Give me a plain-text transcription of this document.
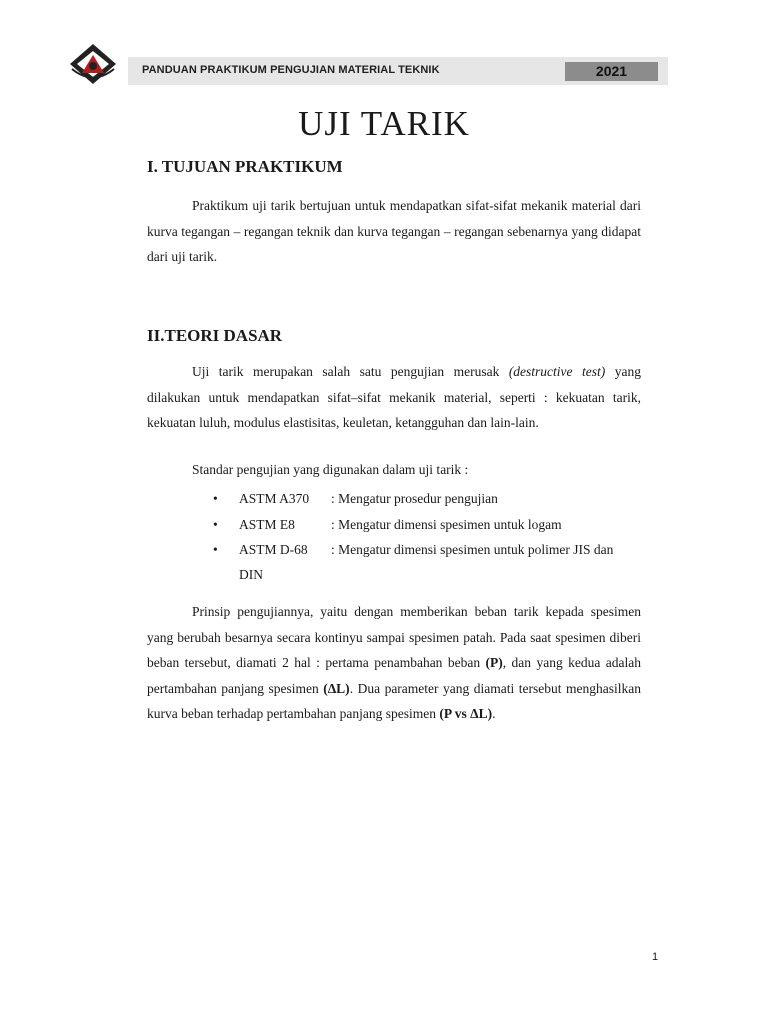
PANDUAN PRAKTIKUM PENGUJIAN MATERIAL TEKNIK	2021
UJI TARIK
I. TUJUAN PRAKTIKUM

Praktikum uji tarik bertujuan untuk mendapatkan sifat-sifat mekanik material dari kurva tegangan – regangan teknik dan kurva tegangan – regangan sebenarnya yang didapat dari uji tarik.

II.TEORI DASAR

Uji tarik merupakan salah satu pengujian merusak (destructive test) yang dilakukan untuk mendapatkan sifat–sifat mekanik material, seperti : kekuatan tarik, kekuatan luluh, modulus elastisitas, keuletan, ketangguhan dan lain-lain.

Standar pengujian yang digunakan dalam uji tarik :
• ASTM A370 : Mengatur prosedur pengujian
• ASTM E8	: Mengatur dimensi spesimen untuk logam
• ASTM D-68 : Mengatur dimensi spesimen untuk polimer JIS dan
DIN

Prinsip pengujiannya, yaitu dengan memberikan beban tarik kepada spesimen yang berubah besarnya secara kontinyu sampai spesimen patah. Pada saat spesimen diberi beban tersebut, diamati 2 hal : pertama penambahan beban (P), dan yang kedua adalah pertambahan panjang spesimen (ΔL). Dua parameter yang diamati tersebut menghasilkan kurva beban terhadap pertambahan panjang spesimen (P vs ΔL).

1
